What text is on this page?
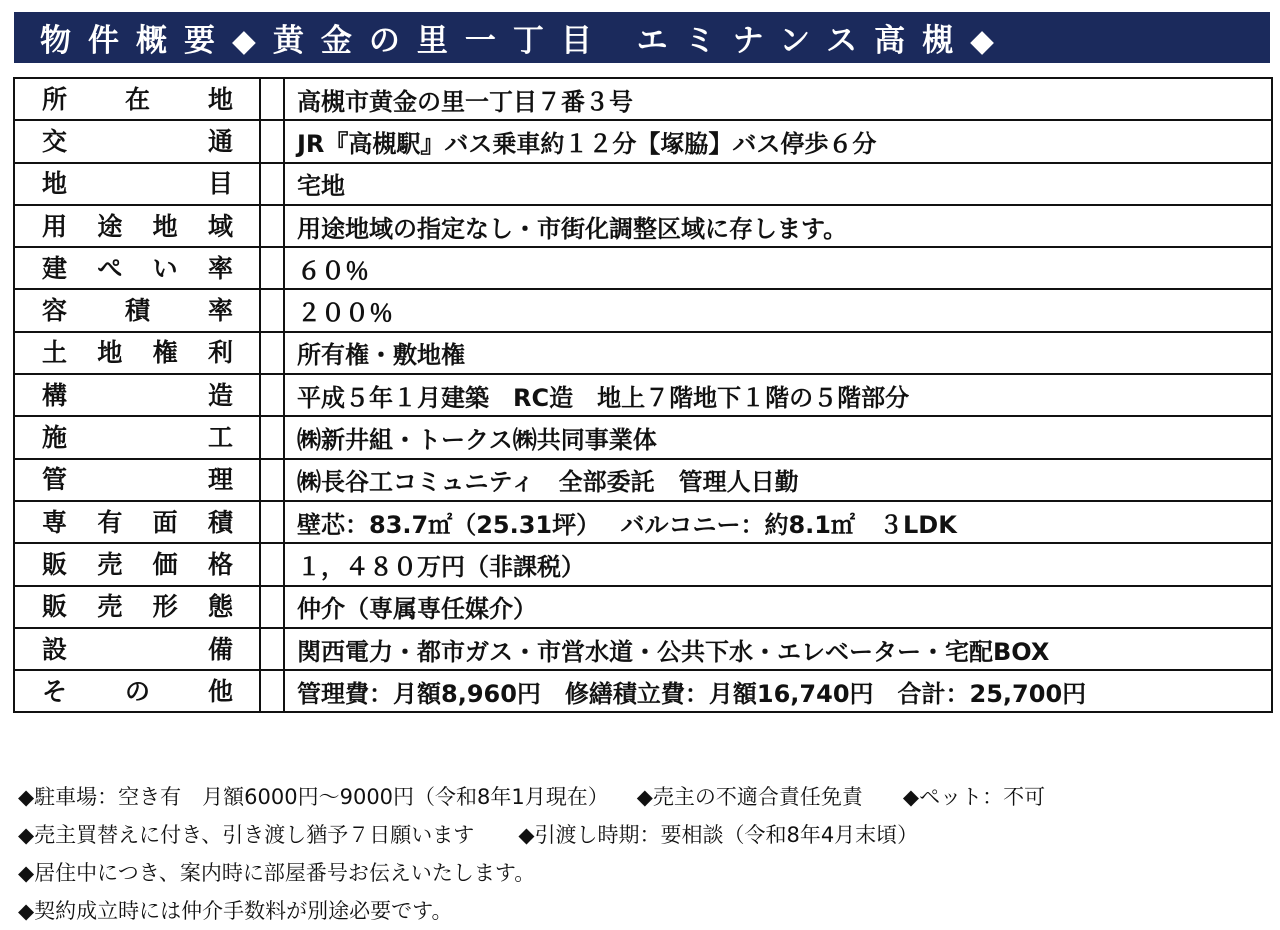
物件概要◆黄金の里一丁目 エミナンス高槻◆
所 在 地		高槻市黄金の里一丁目７番３号

交 通		JR『高槻駅』バス乗車約１２分【塚脇】バス停歩６分

地 目		宅地

用 途 地 域		用途地域の指定なし・市街化調整区域に存します。

建 ぺ い 率		６０％

容 積 率		２００％

土 地 権 利		所有権・敷地権

構 造		平成５年１月建築　RC造　地上７階地下１階の５階部分

施 工		㈱新井組・トークス㈱共同事業体

管 理		㈱長谷工コミュニティ　全部委託　管理人日勤

専 有 面 積		壁芯：83.7㎡（25.31坪）　 バルコニー：約8.1㎡　３LDK

販 売 価 格		１，４８０万円（非課税）

販 売 形 態		仲介（専属専任媒介）

設 備		関西電力・都市ガス・市営水道・公共下水・エレベーター・宅配BOX

そ の 他		管理費：月額8,960円　修繕積立費：月額16,740円　合計：25,700円
◆駐車場：空き有　月額6000円～9000円（令和8年1月現在） ◆売主の不適合責任免責 ◆ペット：不可
◆売主買替えに付き、引き渡し猶予７日願います ◆引渡し時期：要相談（令和8年4月末頃）
◆居住中につき、案内時に部屋番号お伝えいたします。
◆契約成立時には仲介手数料が別途必要です。
